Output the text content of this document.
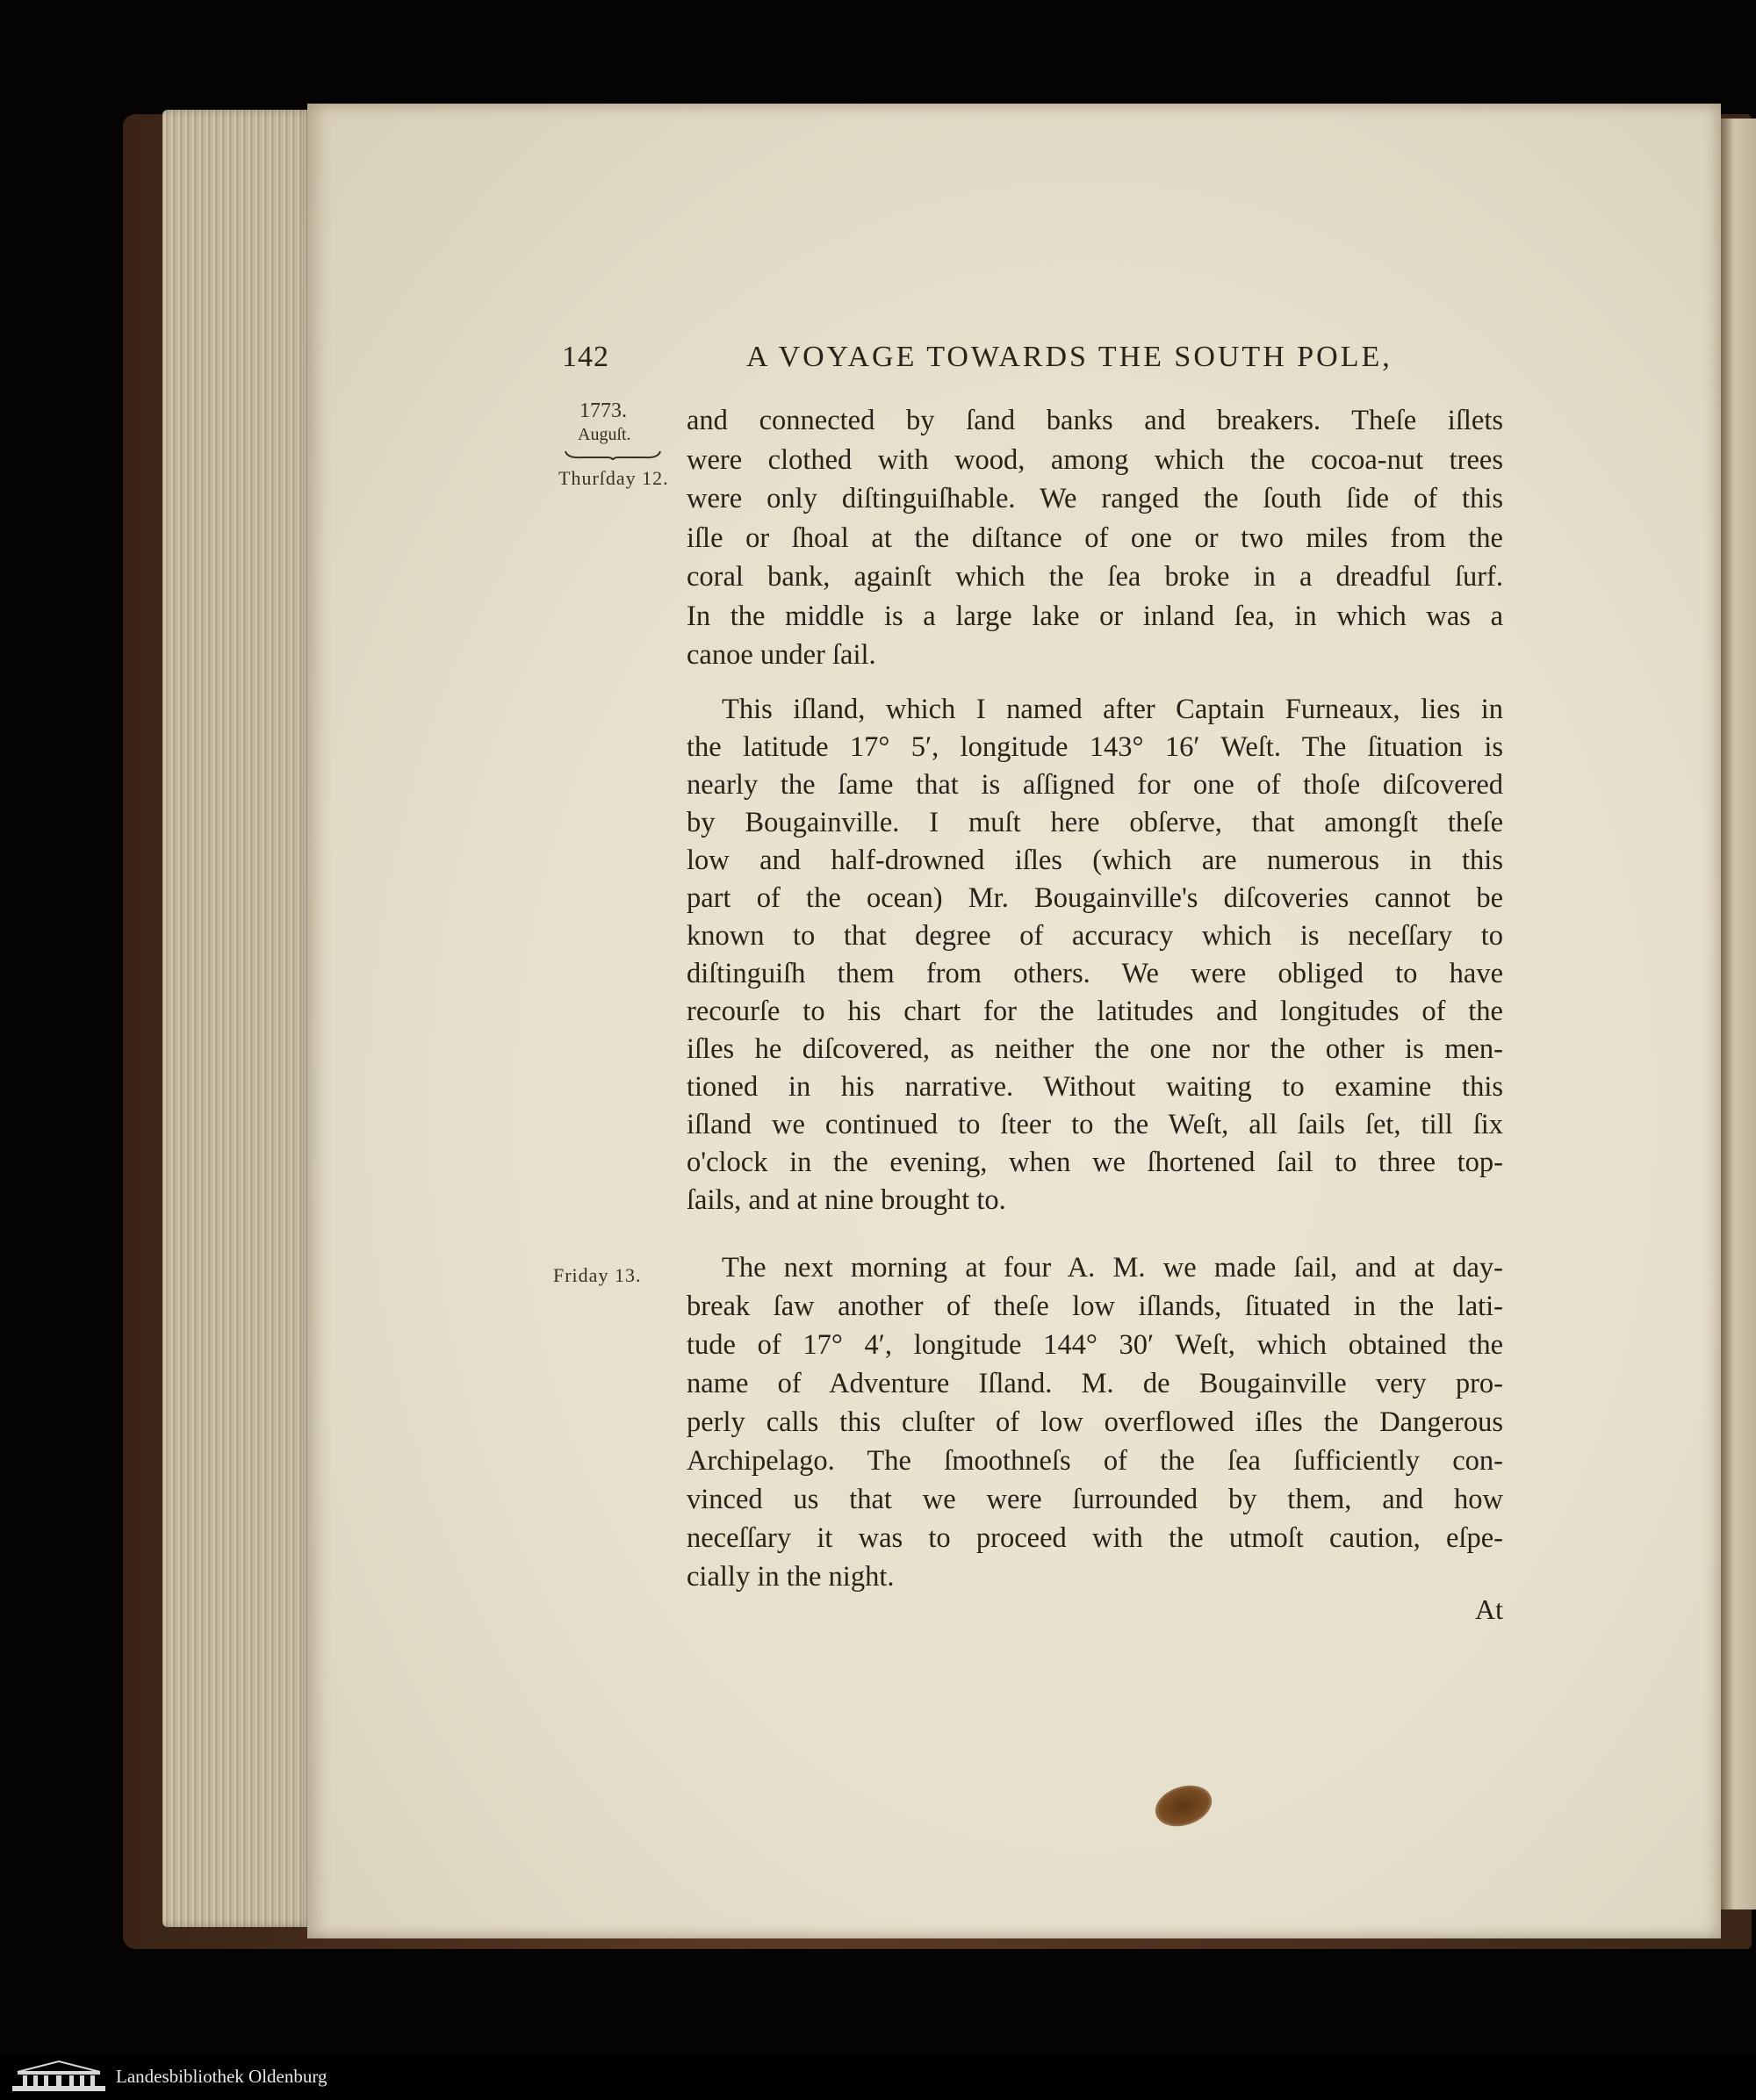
142	A VOYAGE TOWARDS THE SOUTH POLE,
1773.
Auguſt.
Thurſday 12.
Friday 13.
and connected by ſand banks and breakers. Theſe iſlets
were clothed with wood, among which the cocoa-nut trees
were only diſtinguiſhable. We ranged the ſouth ſide of this
iſle or ſhoal at the diſtance of one or two miles from the
coral bank, againſt which the ſea broke in a dreadful ſurf.
In the middle is a large lake or inland ſea, in which was a
canoe under ſail.
This iſland, which I named after Captain Furneaux, lies in
the latitude 17° 5′, longitude 143° 16′ Weſt. The ſituation is
nearly the ſame that is aſſigned for one of thoſe diſcovered
by Bougainville. I muſt here obſerve, that amongſt theſe
low and half-drowned iſles (which are numerous in this
part of the ocean) Mr. Bougainville's diſcoveries cannot be
known to that degree of accuracy which is neceſſary to
diſtinguiſh them from others. We were obliged to have
recourſe to his chart for the latitudes and longitudes of the
iſles he diſcovered, as neither the one nor the other is men-
tioned in his narrative. Without waiting to examine this
iſland we continued to ſteer to the Weſt, all ſails ſet, till ſix
o'clock in the evening, when we ſhortened ſail to three top-
ſails, and at nine brought to.
The next morning at four A. M. we made ſail, and at day-
break ſaw another of theſe low iſlands, ſituated in the lati-
tude of 17° 4′, longitude 144° 30′ Weſt, which obtained the
name of Adventure Iſland. M. de Bougainville very pro-
perly calls this cluſter of low overflowed iſles the Dangerous
Archipelago. The ſmoothneſs of the ſea ſufficiently con-
vinced us that we were ſurrounded by them, and how
neceſſary it was to proceed with the utmoſt caution, eſpe-
cially in the night.
At
Landesbibliothek Oldenburg
